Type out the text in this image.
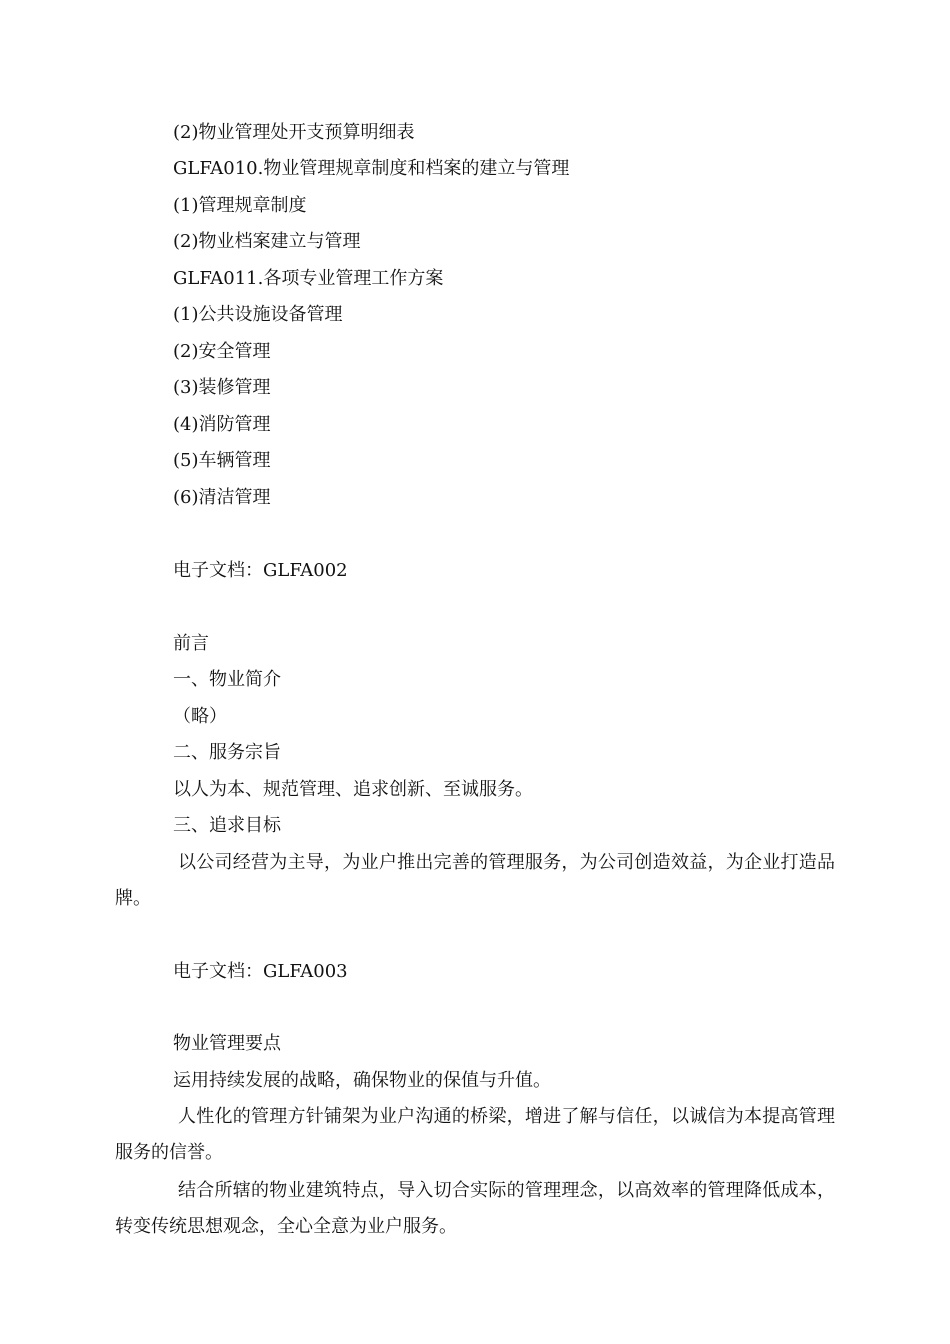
(2)物业管理处开支预算明细表
GLFA010.物业管理规章制度和档案的建立与管理
(1)管理规章制度
(2)物业档案建立与管理
GLFA011.各项专业管理工作方案
(1)公共设施设备管理
(2)安全管理
(3)装修管理
(4)消防管理
(5)车辆管理
(6)清洁管理
电子文档：GLFA002
前言
一、物业简介
（略）
二、服务宗旨
以人为本、规范管理、追求创新、至诚服务。
三、追求目标
以公司经营为主导，为业户推出完善的管理服务，为公司创造效益，为企业打造品牌。
电子文档：GLFA003
物业管理要点
运用持续发展的战略，确保物业的保值与升值。
人性化的管理方针铺架为业户沟通的桥梁，增进了解与信任，以诚信为本提高管理服务的信誉。
结合所辖的物业建筑特点，导入切合实际的管理理念，以高效率的管理降低成本，转变传统思想观念，全心全意为业户服务。
